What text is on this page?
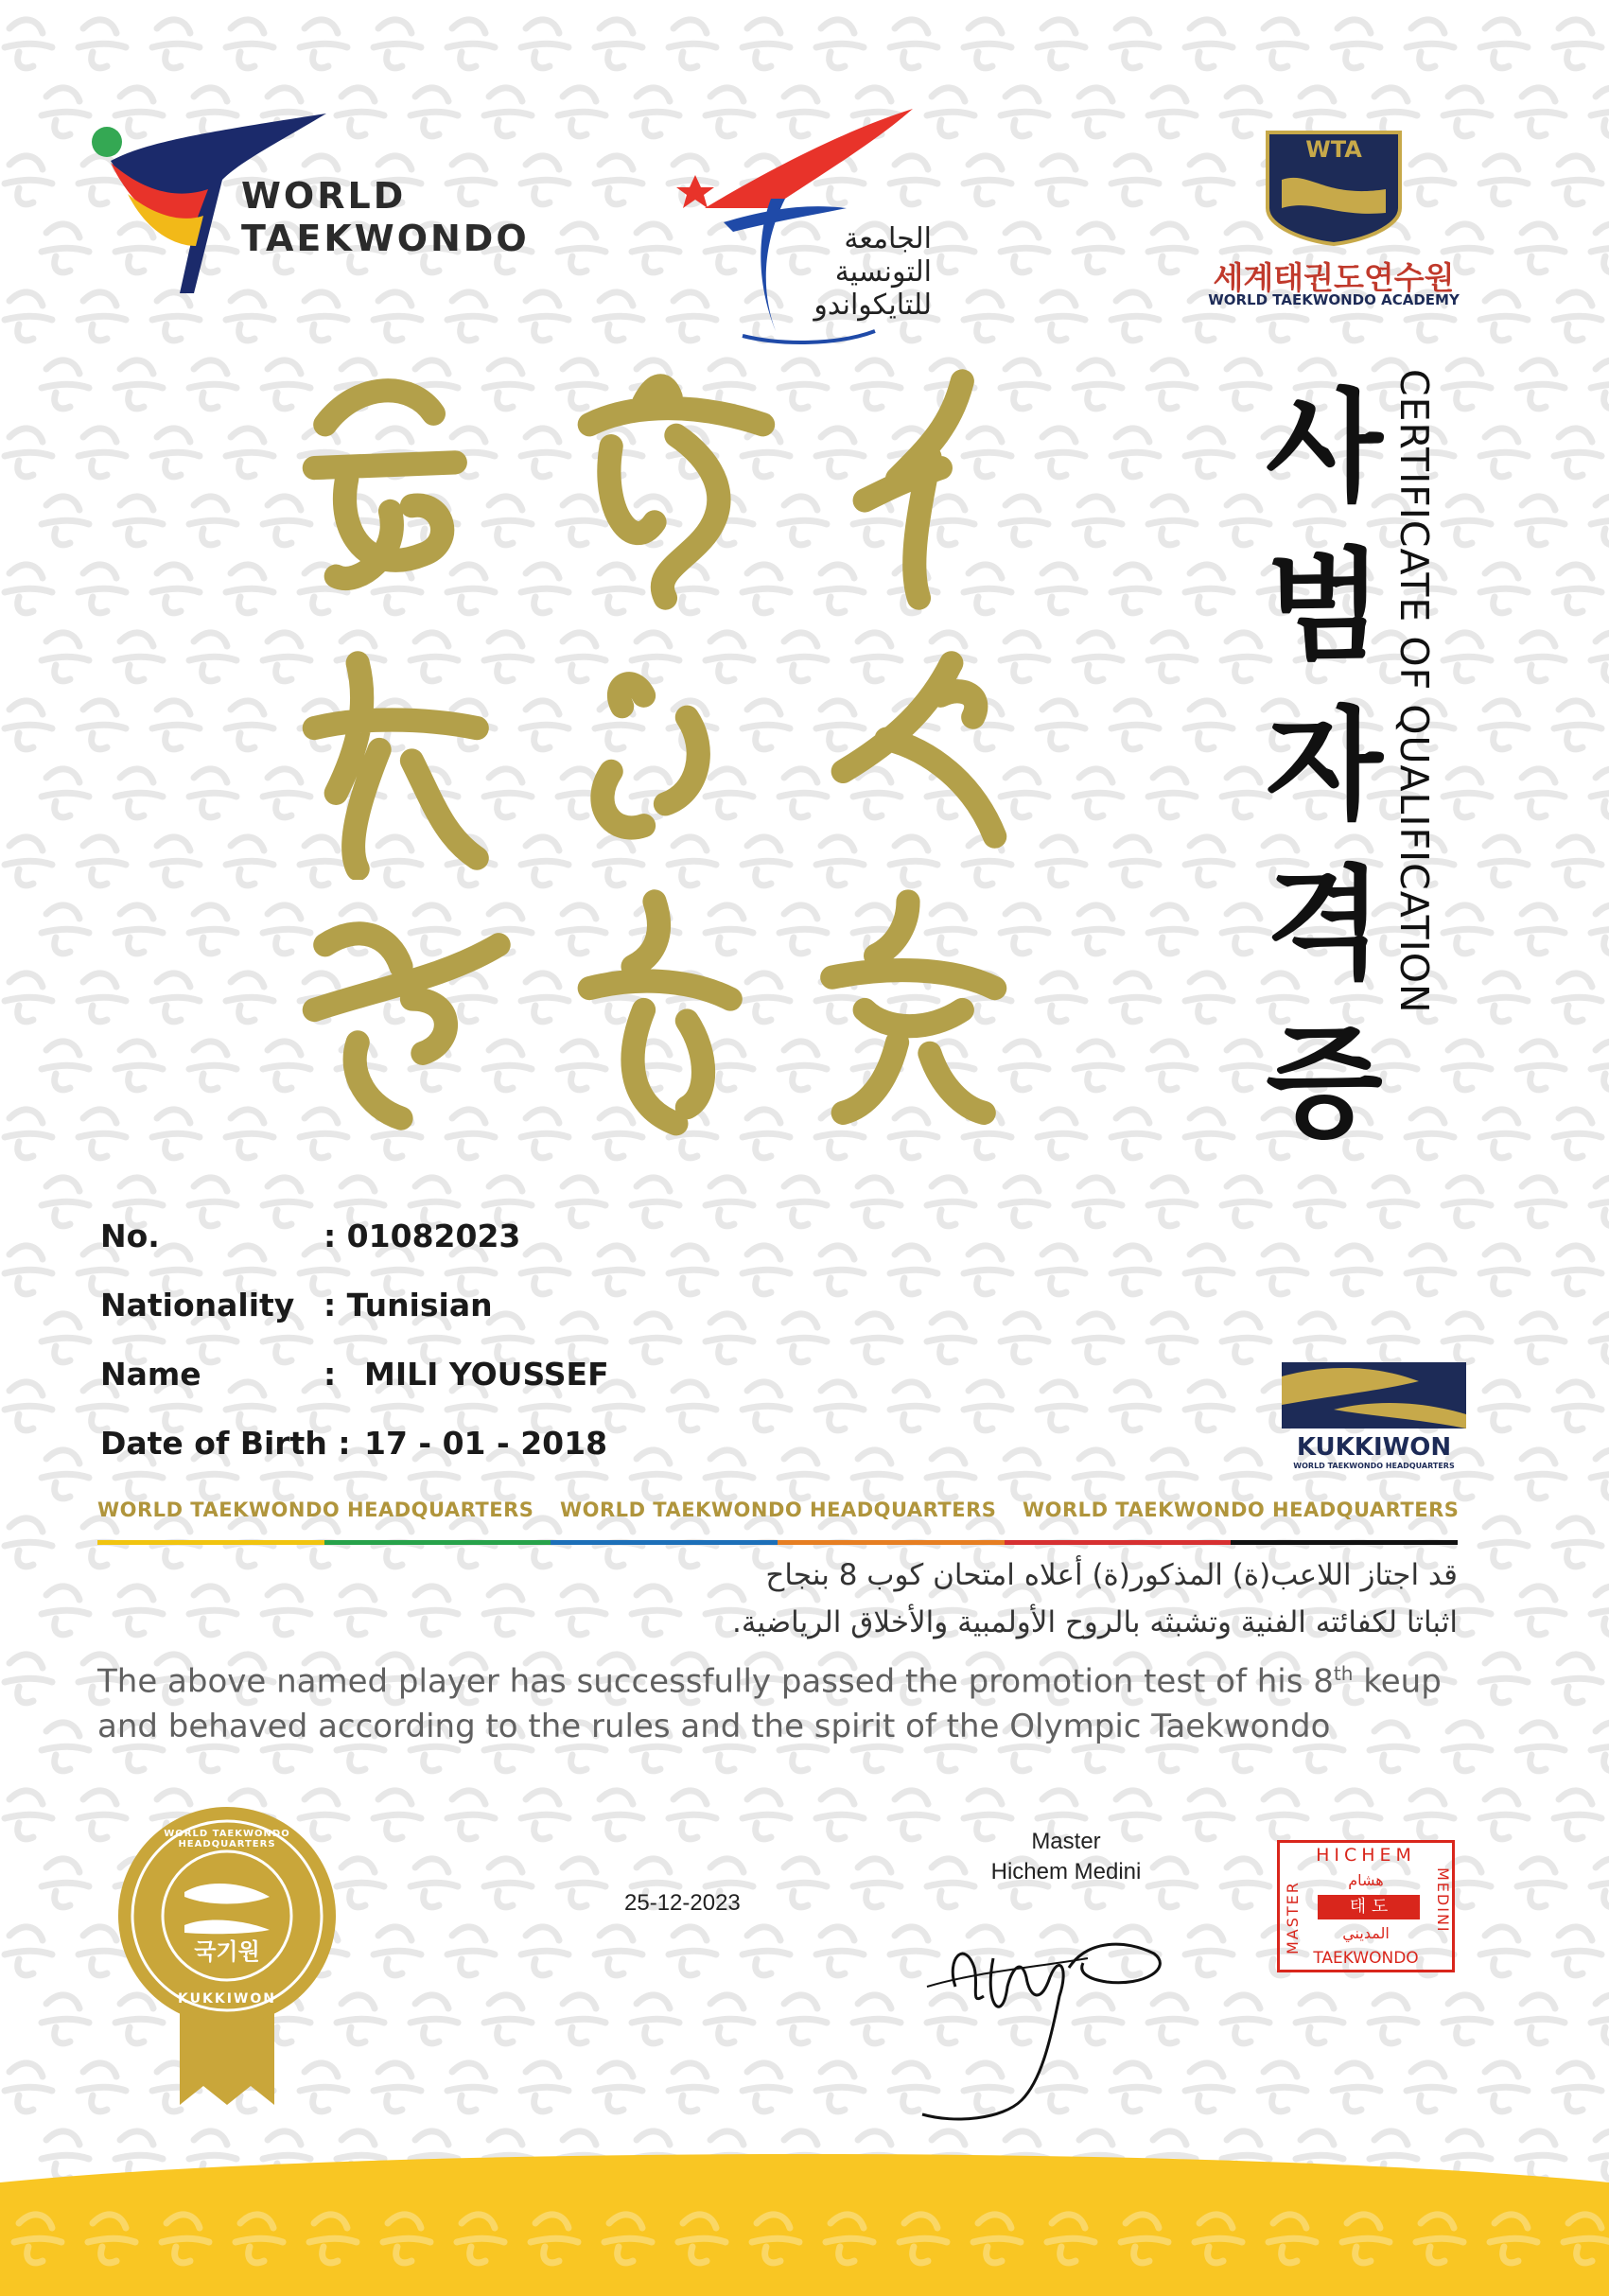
WORLD
TAEKWONDO	الجامعة
التونسية
للتايكواندو
WTA
세계태권도연수원
WORLD TAEKWONDO ACADEMY
사
범
자
격
증
CERTIFICATE OF QUALIFICATION
No.	: 01082023
Nationality : Tunisian
Name	: MILI YOUSSEF
Date of Birth : 17 - 01 - 2018	KUKKIWON
WORLD TAEKWONDO HEADQUARTERS
WORLD TAEKWONDO HEADQUARTERS WORLD TAEKWONDO HEADQUARTERS WORLD TAEKWONDO HEADQUARTERS
قد اجتاز اللاعب(ة) المذكور(ة) أعلاه امتحان كوب 8 بنجاح
اثباتا لكفائته الفنية وتشبثه بالروح الأولمبية والأخلاق الرياضية.
The above named player has successfully passed the promotion test of his 8th keup
and behaved according to the rules and the spirit of the Olympic Taekwondo
국기원
WORLD TAEKWONDO HEADQUARTERS
KUKKIWON
25-12-2023
Master
Hichem Medini
HICHEM
TAEKWONDO
MASTER	MEDINI
هشام
태 도
المديني
